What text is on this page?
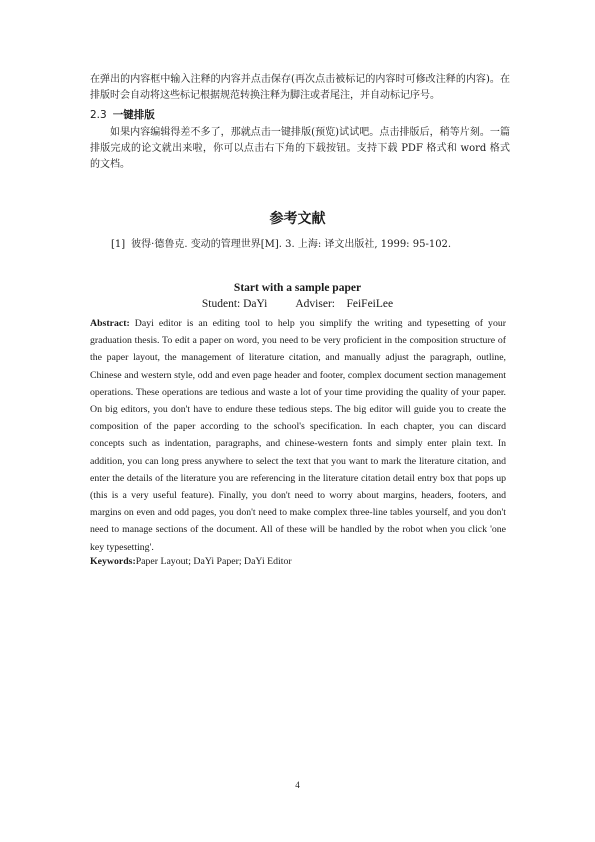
在弹出的内容框中输入注释的内容并点击保存(再次点击被标记的内容时可修改注释的内容)。在排版时会自动将这些标记根据规范转换注释为脚注或者尾注，并自动标记序号。

2.3 一键排版

如果内容编辑得差不多了，那就点击一键排版(预览)试试吧。点击排版后，稍等片刻。一篇排版完成的论文就出来啦，你可以点击右下角的下载按钮。支持下载 PDF 格式和 word 格式的文档。

参考文献

[1] 彼得·德鲁克. 变动的管理世界[M]. 3. 上海: 译文出版社, 1999: 95-102.

Start with a sample paper

Student: DaYi Adviser:    FeiFeiLee

Abstract: Dayi editor is an editing tool to help you simplify the writing and typesetting of your graduation thesis. To edit a paper on word, you need to be very proficient in the composition structure of the paper layout, the management of literature citation, and manually adjust the paragraph, outline, Chinese and western style, odd and even page header and footer, complex document section management operations. These operations are tedious and waste a lot of your time providing the quality of your paper. On big editors, you don't have to endure these tedious steps. The big editor will guide you to create the composition of the paper according to the school's specification. In each chapter, you can discard concepts such as indentation, paragraphs, and chinese-western fonts and simply enter plain text. In addition, you can long press anywhere to select the text that you want to mark the literature citation, and enter the details of the literature you are referencing in the literature citation detail entry box that pops up (this is a very useful feature). Finally, you don't need to worry about margins, headers, footers, and margins on even and odd pages, you don't need to make complex three-line tables yourself, and you don't need to manage sections of the document. All of these will be handled by the robot when you click 'one key typesetting'.

Keywords:Paper Layout; DaYi Paper; DaYi Editor

4
